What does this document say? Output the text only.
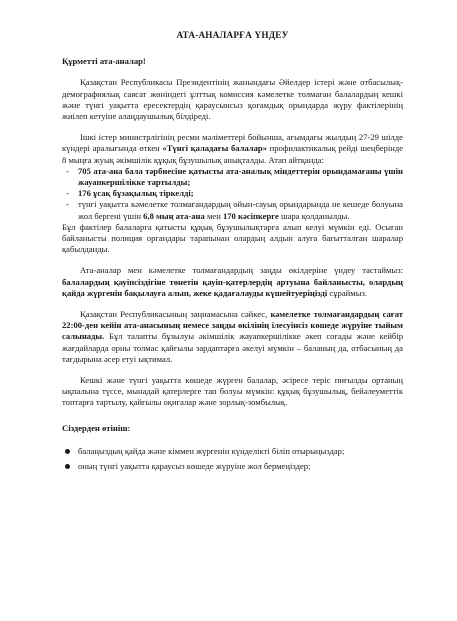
АТА-АНАЛАРҒА ҮНДЕУ
Құрметті ата-аналар!
Қазақстан Республикасы Президентінің жанындағы Әйелдер істері және отбасылық-демографиялық саясат жөніндегі ұлттық комиссия кәмелетке толмаған балалардың кешкі және түнгі уақытта ересектердің қараусынсыз қоғамдық орындарда жүру фактілерінің жиілеп кетуіне алаңдаушылық білдіреді.
Ішкі істер министрлігінің ресми мәліметтері бойынша, ағымдағы жылдың 27-29 шілде күндері аралығында өткен «Түнгі қаладағы балалар» профилактикалық рейді шеңберінде 8 мыңға жуық әкімшілік құқық бұзушылық анықталды. Атап айтқанда:
- 705 ата-ана бала тәрбиесіне қатысты ата-аналық міндеттерін орындамағаны үшін жауапкершілікке тартылды;
- 176 ұсақ бұзақылық тіркелді;
- түнгі уақытта кәмелетке толмағандардың ойын-сауық орындарында не кешеде болуына жол бергені үшін 6,8 мың ата-ана мен 170 кәсіпкерге шара қолданылды.
Бұл фактілер балаларға қатысты құқық бұзушылықтарға алып келуі мүмкін еді. Осыған байланысты полиция органдары тарапынан олардың алдын алуға бағытталған шаралар қабылданды.
Ата-аналар мен кәмелетке толмағандардың заңды өкілдеріне үндеу тастаймыз: балалардың қауіпсіздігіне төнетін қауіп-қатерлердің артуына байланысты, олардың қайда жүргенін бақылауға алып, жеке қадағалауды күшейтуеріңізді сұраймыз.
Қазақстан Республикасының заңнамасына сәйкес, кәмелетке толмағандардың сағат 22:00-ден кейін ата-анасының немесе заңды өкілінің ілесуінсіз көшеде жүруіне тыйым салынады. Бұл талапты бұзылуы әкімшілік жауапкершілікке әкеп соғады және кейбір жағдайларда орны толмас қайғылы зардаптарға әкелуі мүмкін – баланың да, отбасының да тағдырына әсер етуі ықтимал.
Кешкі және түнгі уақытта көшеде жүрген балалар, әсіресе теріс пиғылды ортаның ықпалына түссе, мынадай қатерлерге тап болуы мүмкін: құқық бұзушылық, бейәлеуметтік топтарға тартылу, қайғылы оқиғалар және зорлық-зомбылық.
Сіздерден өтініш:
балаңыздың қайда және кіммен жүргенін күнделікті біліп отырыңыздар;
оның түнгі уақытта қараусыз көшеде жүруіне жол бермеңіздер;
